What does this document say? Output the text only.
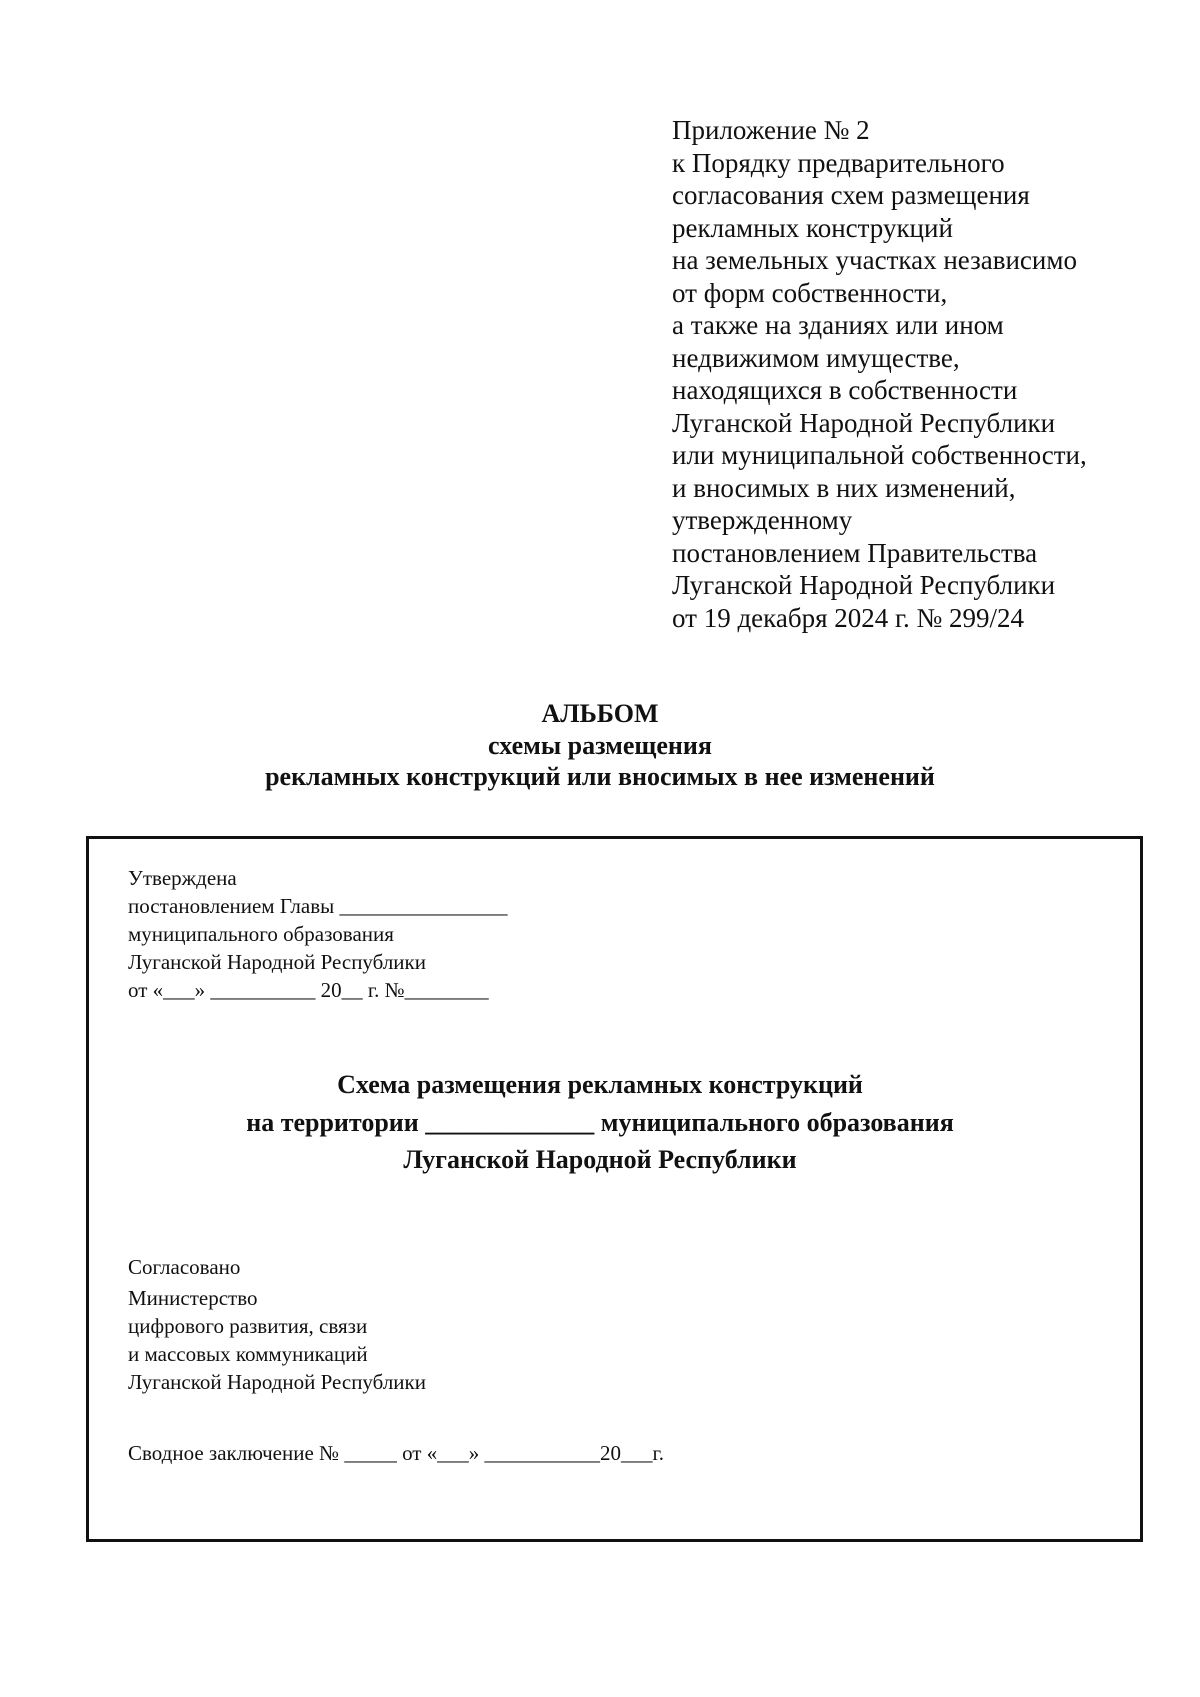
Приложение № 2
к Порядку предварительного
согласования схем размещения
рекламных конструкций
на земельных участках независимо
от форм собственности,
а также на зданиях или ином
недвижимом имуществе,
находящихся в собственности
Луганской Народной Республики
или муниципальной собственности,
и вносимых в них изменений,
утвержденному
постановлением Правительства
Луганской Народной Республики
от 19 декабря 2024 г. № 299/24
АЛЬБОМ
схемы размещения
рекламных конструкций или вносимых в нее изменений
Утверждена
постановлением Главы ________________
муниципального образования
Луганской Народной Республики
от «___» __________ 20__ г. №________
Схема размещения рекламных конструкций
на территории _____________ муниципального образования
Луганской Народной Республики
Согласовано
Министерство
цифрового развития, связи
и массовых коммуникаций
Луганской Народной Республики
Сводное заключение № _____ от «___» ___________20___г.
